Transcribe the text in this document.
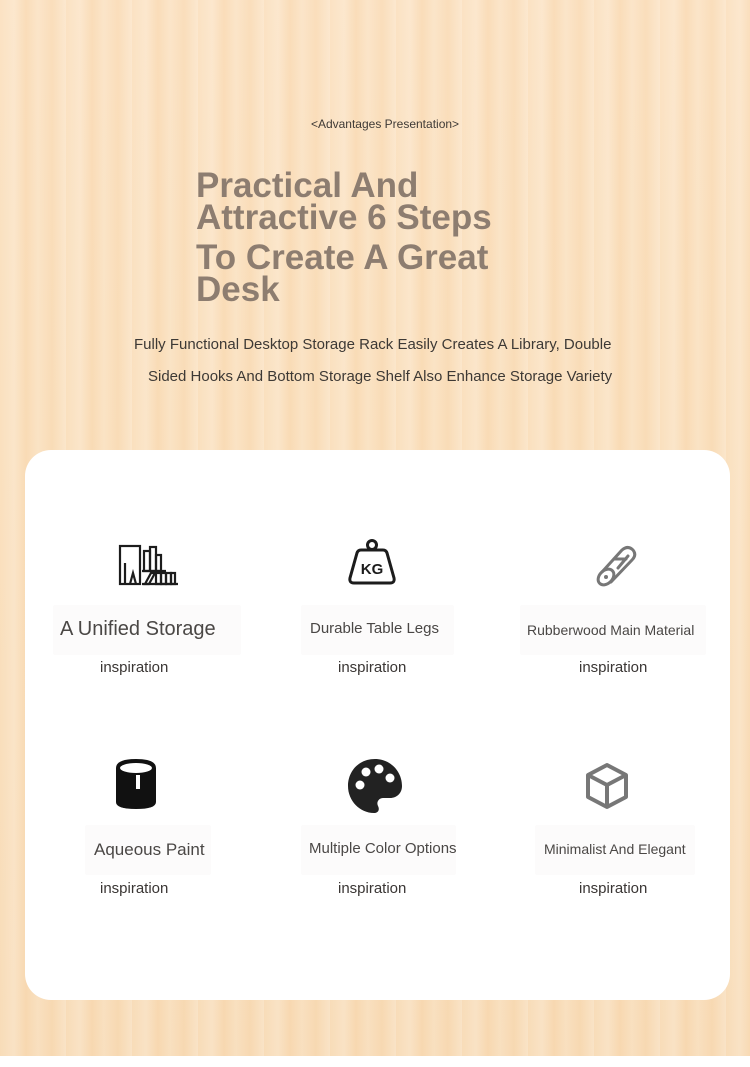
<Advantages Presentation>
Practical And Attractive 6 Steps
To Create A Great Desk
Fully Functional Desktop Storage Rack Easily Creates A Library, Double
Sided Hooks And Bottom Storage Shelf Also Enhance Storage Variety
A Unified Storage
inspiration
KG
Durable Table Legs
inspiration
Rubberwood Main Material
inspiration
Aqueous Paint
inspiration
Multiple Color Options
inspiration
Minimalist And Elegant
inspiration
